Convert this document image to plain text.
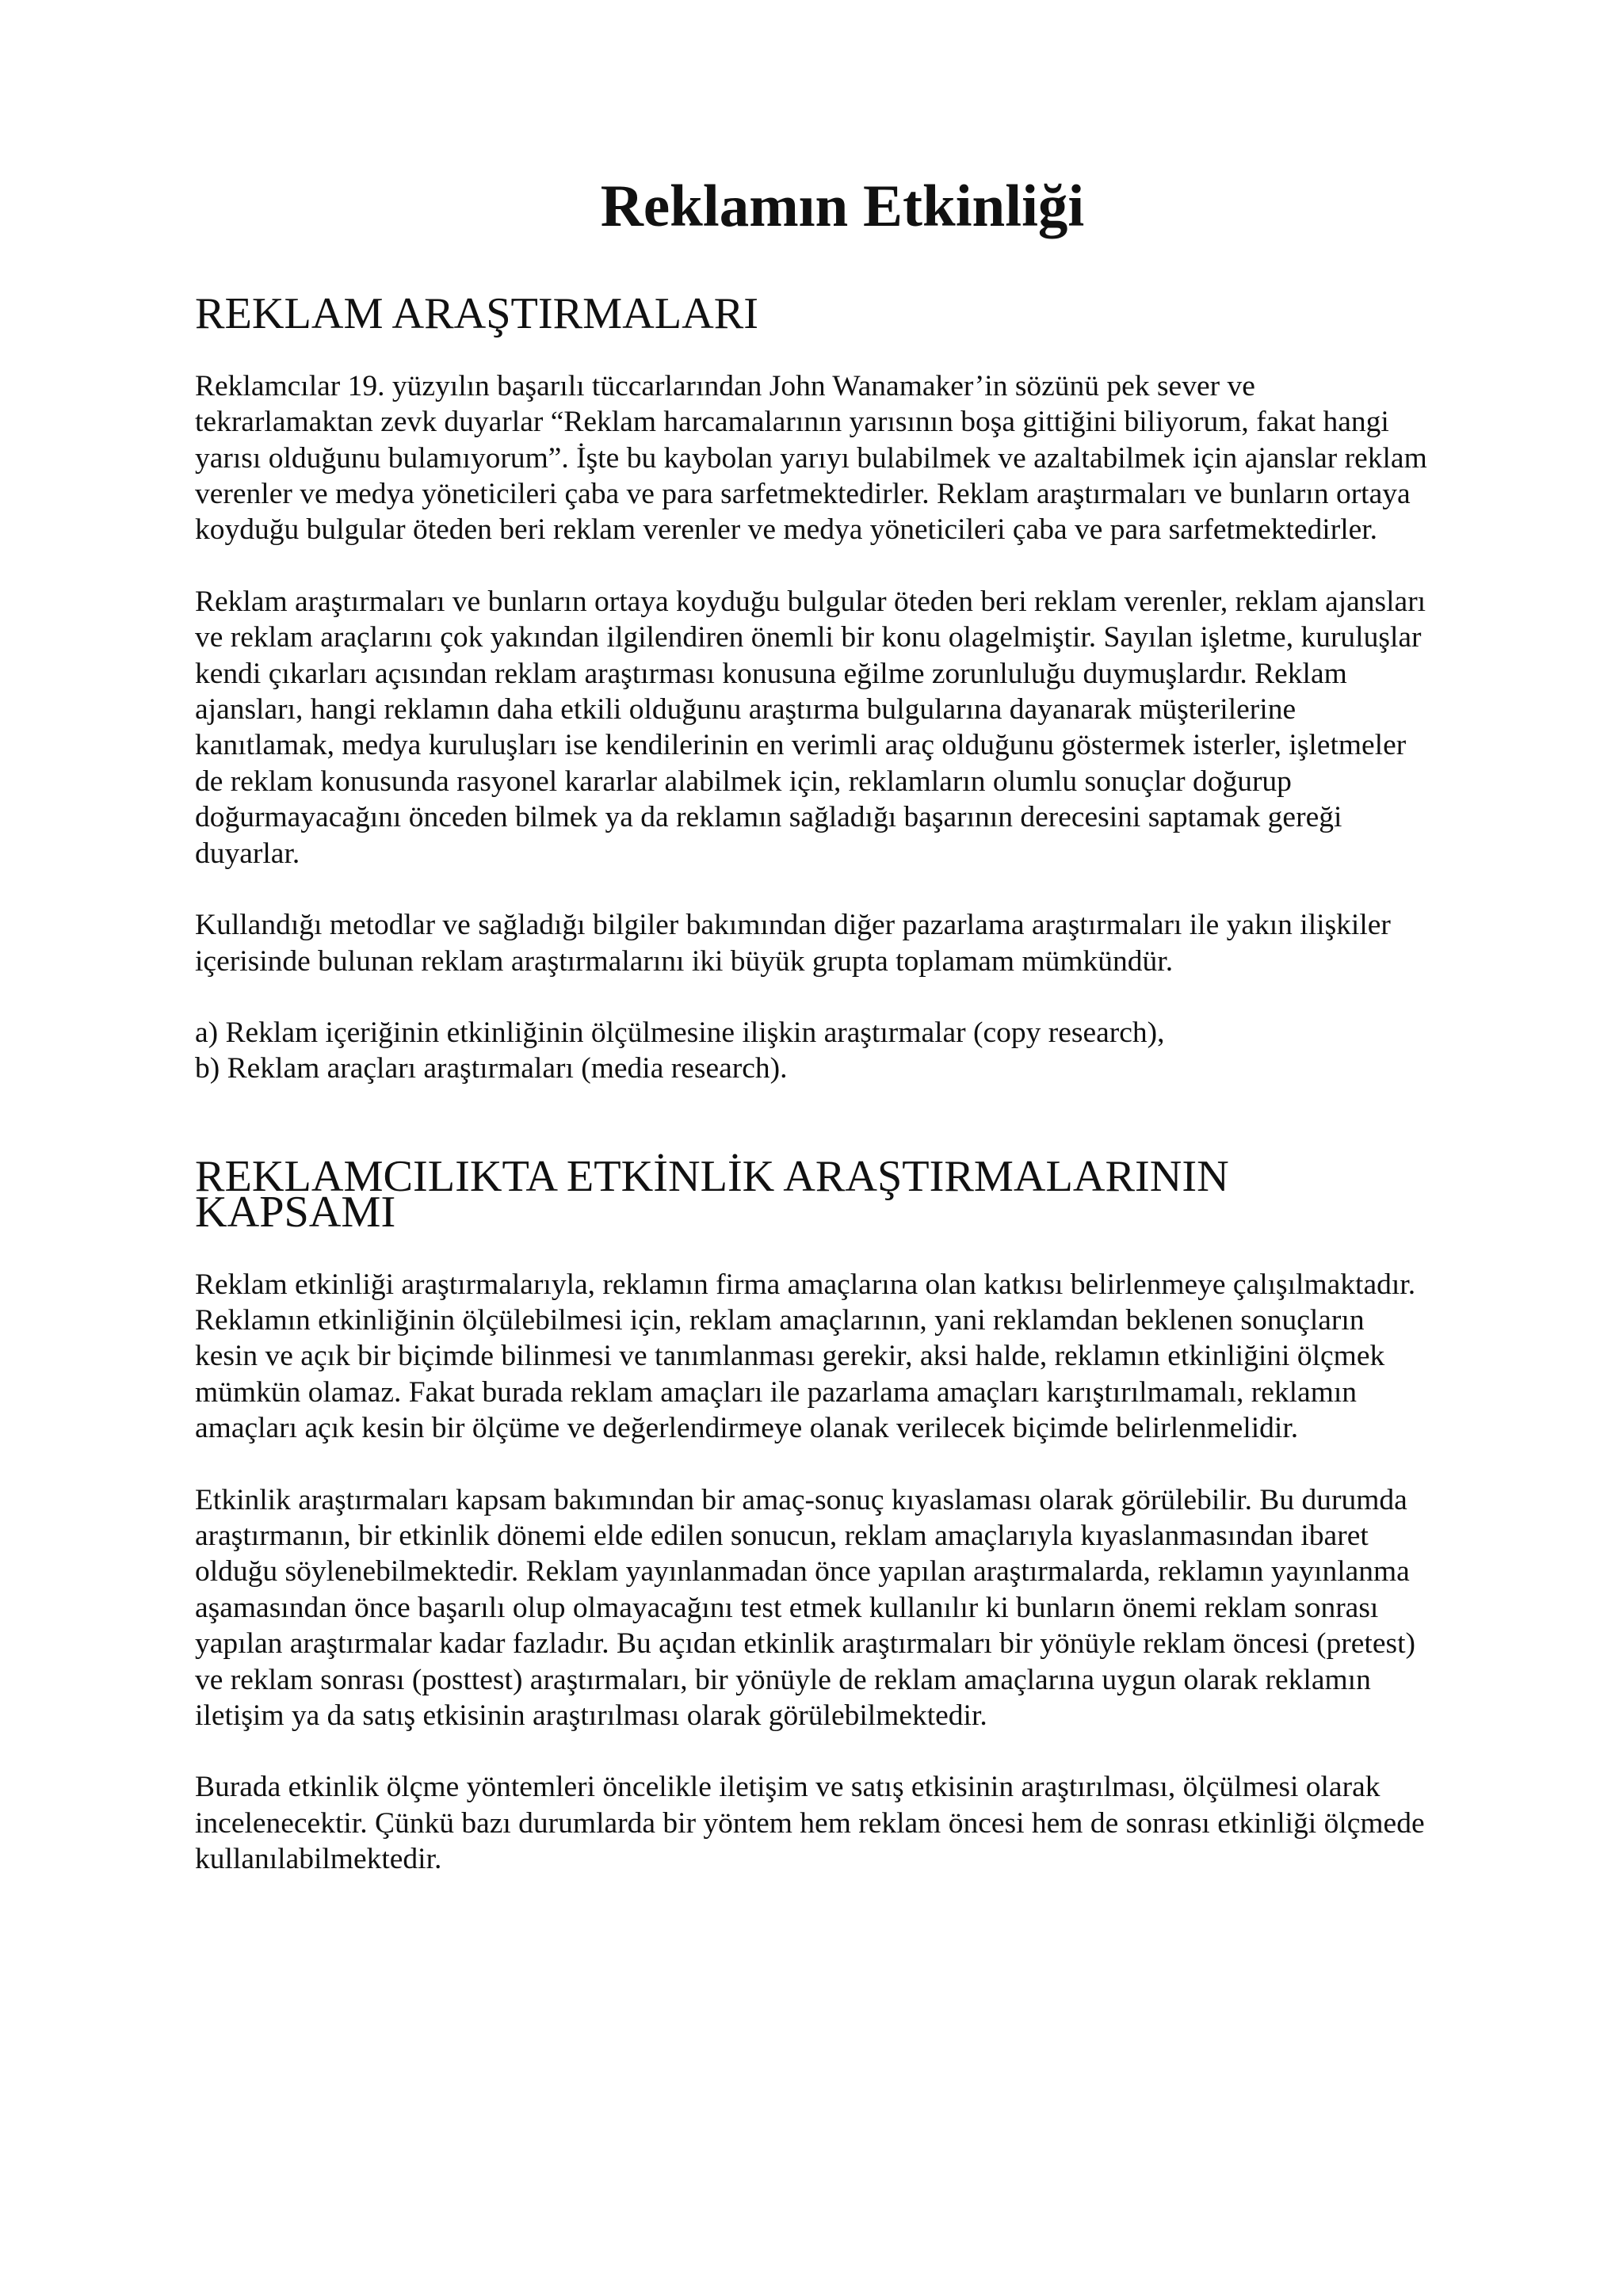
Reklamın Etkinliği
REKLAM ARAŞTIRMALARI

Reklamcılar 19. yüzyılın başarılı tüccarlarından John Wanamaker’in sözünü pek sever ve tekrarlamaktan zevk duyarlar “Reklam harcamalarının yarısının boşa gittiğini biliyorum, fakat hangi yarısı olduğunu bulamıyorum”. İşte bu kaybolan yarıyı bulabilmek ve azaltabilmek için ajanslar reklam verenler ve medya yöneticileri çaba ve para sarfetmektedirler. Reklam araştırmaları ve bunların ortaya koyduğu bulgular öteden beri reklam verenler ve medya yöneticileri çaba ve para sarfetmektedirler.

Reklam araştırmaları ve bunların ortaya koyduğu bulgular öteden beri reklam verenler, reklam ajansları ve reklam araçlarını çok yakından ilgilendiren önemli bir konu olagelmiştir. Sayılan işletme, kuruluşlar kendi çıkarları açısından reklam araştırması konusuna eğilme zorunluluğu duymuşlardır. Reklam ajansları, hangi reklamın daha etkili olduğunu araştırma bulgularına dayanarak müşterilerine kanıtlamak, medya kuruluşları ise kendilerinin en verimli araç olduğunu göstermek isterler, işletmeler de reklam konusunda rasyonel kararlar alabilmek için, reklamların olumlu sonuçlar doğurup doğurmayacağını önceden bilmek ya da reklamın sağladığı başarının derecesini saptamak gereği duyarlar.

Kullandığı metodlar ve sağladığı bilgiler bakımından diğer pazarlama araştırmaları ile yakın ilişkiler içerisinde bulunan reklam araştırmalarını iki büyük grupta toplamam mümkündür.

a) Reklam içeriğinin etkinliğinin ölçülmesine ilişkin araştırmalar (copy research),

b) Reklam araçları araştırmaları (media research).

REKLAMCILIKTA ETKİNLİK ARAŞTIRMALARININ KAPSAMI

Reklam etkinliği araştırmalarıyla, reklamın firma amaçlarına olan katkısı belirlenmeye çalışılmaktadır. Reklamın etkinliğinin ölçülebilmesi için, reklam amaçlarının, yani reklamdan beklenen sonuçların kesin ve açık bir biçimde bilinmesi ve tanımlanması gerekir, aksi halde, reklamın etkinliğini ölçmek mümkün olamaz. Fakat burada reklam amaçları ile pazarlama amaçları karıştırılmamalı, reklamın amaçları açık kesin bir ölçüme ve değerlendirmeye olanak verilecek biçimde belirlenmelidir.

Etkinlik araştırmaları kapsam bakımından bir amaç-sonuç kıyaslaması olarak görülebilir. Bu durumda araştırmanın, bir etkinlik dönemi elde edilen sonucun, reklam amaçlarıyla kıyaslanmasından ibaret olduğu söylenebilmektedir. Reklam yayınlanmadan önce yapılan araştırmalarda, reklamın yayınlanma aşamasından önce başarılı olup olmayacağını test etmek kullanılır ki bunların önemi reklam sonrası yapılan araştırmalar kadar fazladır. Bu açıdan etkinlik araştırmaları bir yönüyle reklam öncesi (pretest) ve reklam sonrası (posttest) araştırmaları, bir yönüyle de reklam amaçlarına uygun olarak reklamın iletişim ya da satış etkisinin araştırılması olarak görülebilmektedir.

Burada etkinlik ölçme yöntemleri öncelikle iletişim ve satış etkisinin araştırılması, ölçülmesi olarak incelenecektir. Çünkü bazı durumlarda bir yöntem hem reklam öncesi hem de sonrası etkinliği ölçmede kullanılabilmektedir.
